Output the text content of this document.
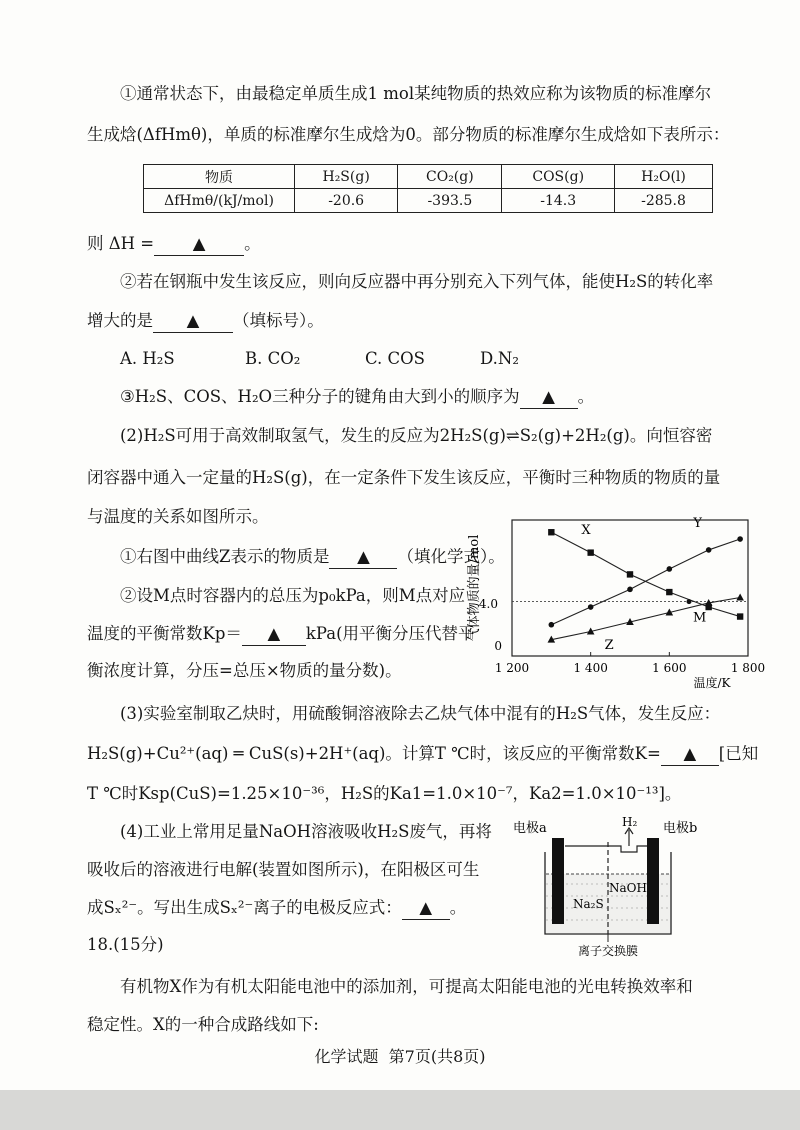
①通常状态下，由最稳定单质生成1 mol某纯物质的热效应称为该物质的标准摩尔
生成焓(ΔfHmθ)，单质的标准摩尔生成焓为0。部分物质的标准摩尔生成焓如下表所示：
物质	H₂S(g)	CO₂(g)	COS(g)	H₂O(l)
ΔfHmθ/(kJ/mol)	-20.6	-393.5	-14.3	-285.8
则 ΔH = ▲ 。
②若在钢瓶中发生该反应，则向反应器中再分别充入下列气体，能使H₂S的转化率
增大的是 ▲ （填标号）。
A. H₂S	B. CO₂	C. COS	D.N₂
③H₂S、COS、H₂O三种分子的键角由大到小的顺序为 ▲ 。
(2)H₂S可用于高效制取氢气，发生的反应为2H₂S(g)⇌S₂(g)+2H₂(g)。向恒容密
闭容器中通入一定量的H₂S(g)，在一定条件下发生该反应，平衡时三种物质的物质的量
与温度的关系如图所示。
①右图中曲线Z表示的物质是 ▲ （填化学式）。
②设M点时容器内的总压为p₀kPa，则M点对应
温度的平衡常数Kp＝ ▲ kPa(用平衡分压代替平
衡浓度计算，分压=总压×物质的量分数)。
气体物质的量/mol
4.0
0
X	Y
Z
M
1 200	1 400	1 600	1 800
温度/K
(3)实验室制取乙炔时，用硫酸铜溶液除去乙炔气体中混有的H₂S气体，发生反应：
H₂S(g)+Cu²⁺(aq) ═ CuS(s)+2H⁺(aq)。计算T ℃时，该反应的平衡常数K= ▲ [已知
T ℃时Ksp(CuS)=1.25×10⁻³⁶，H₂S的Ka1=1.0×10⁻⁷，Ka2=1.0×10⁻¹³]。
(4)工业上常用足量NaOH溶液吸收H₂S废气，再将
吸收后的溶液进行电解(装置如图所示)，在阳极区可生
成Sₓ²⁻。写出生成Sₓ²⁻离子的电极反应式： ▲ 。
电极a	电极b
H₂
Na₂S
NaOH
离子交换膜
18.(15分)
有机物X作为有机太阳能电池中的添加剂，可提高太阳能电池的光电转换效率和
稳定性。X的一种合成路线如下:
化学试题 第7页(共8页)
